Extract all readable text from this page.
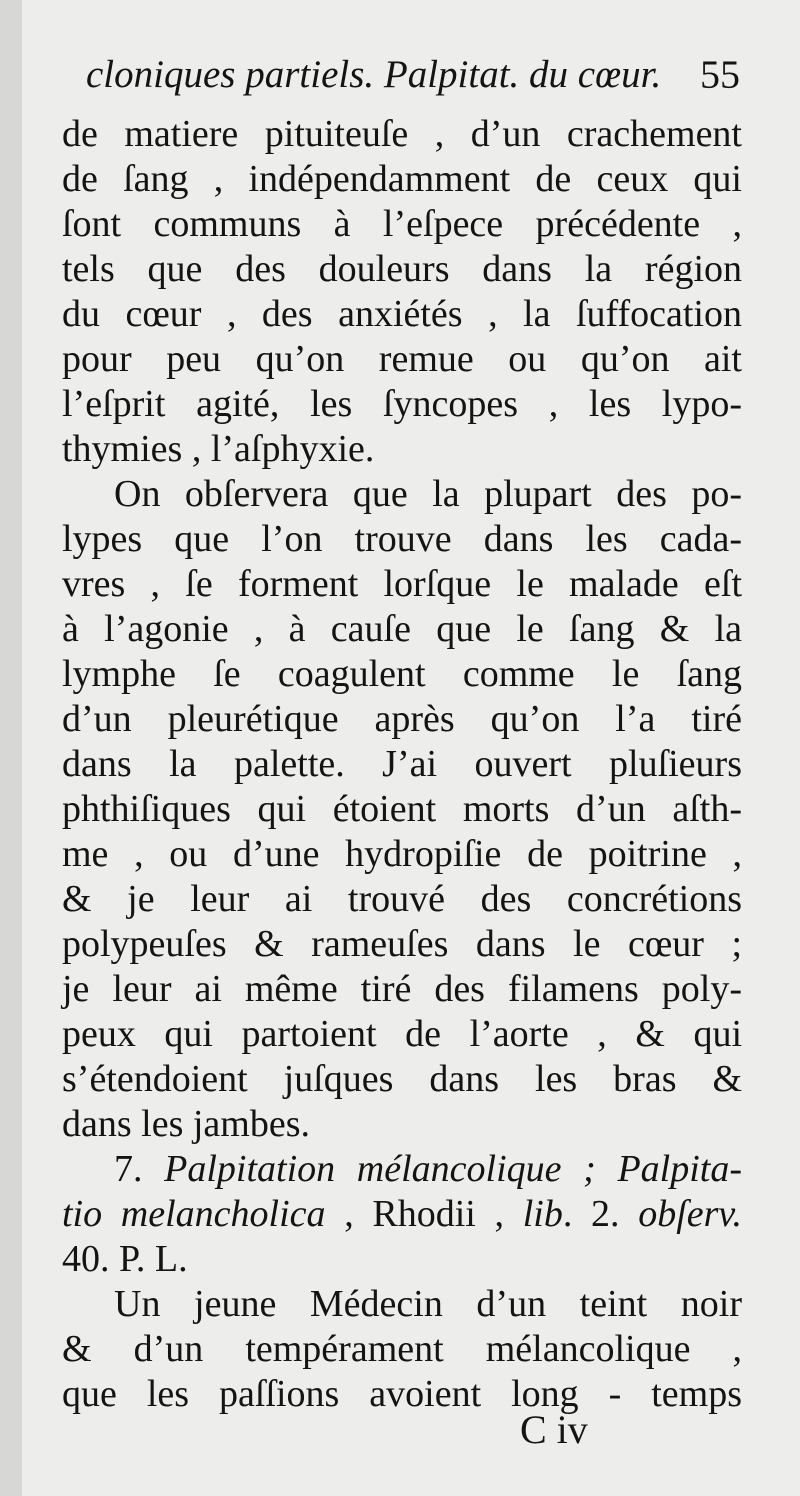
cloniques partiels. Palpitat. du cœur. 55
de matiere pituiteuſe , d’un crachement
de ſang , indépendamment de ceux qui
ſont communs à l’eſpece précédente ,
tels que des douleurs dans la région
du cœur , des anxiétés , la ſuffocation
pour peu qu’on remue ou qu’on ait
l’eſprit agité, les ſyncopes , les lypo-
thymies , l’aſphyxie.
On obſervera que la plupart des po-
lypes que l’on trouve dans les cada-
vres , ſe forment lorſque le malade eſt
à l’agonie , à cauſe que le ſang & la
lymphe ſe coagulent comme le ſang
d’un pleurétique après qu’on l’a tiré
dans la palette. J’ai ouvert pluſieurs
phthiſiques qui étoient morts d’un aſth-
me , ou d’une hydropiſie de poitrine ,
& je leur ai trouvé des concrétions
polypeuſes & rameuſes dans le cœur ;
je leur ai même tiré des filamens poly-
peux qui partoient de l’aorte , & qui
s’étendoient juſques dans les bras &
dans les jambes.
7. Palpitation mélancolique ; Palpita-
tio melancholica , Rhodii , lib. 2. obſerv.
40. P. L.
Un jeune Médecin d’un teint noir
& d’un tempérament mélancolique ,
que les paſſions avoient long - temps
C iv
